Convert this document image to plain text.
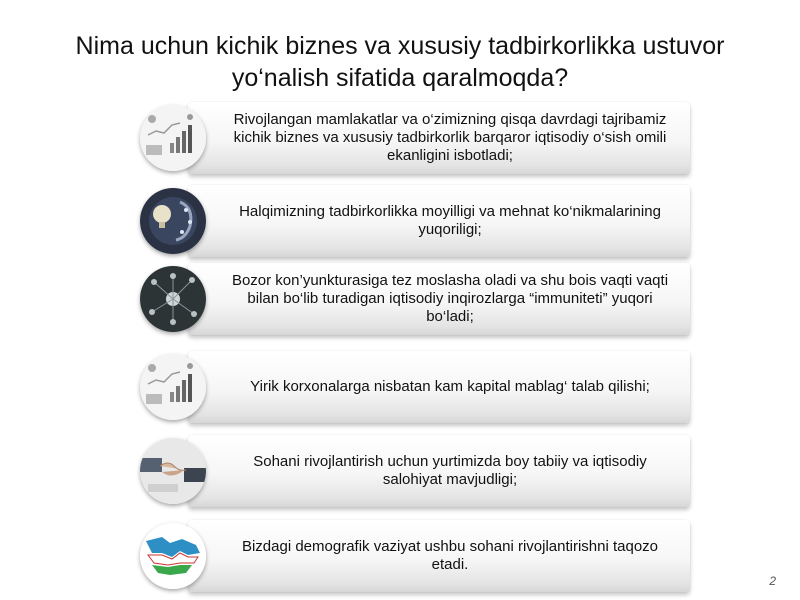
Nima uchun kichik biznes va xususiy tadbirkorlikka ustuvor yo‘nalish sifatida qaralmoqda?
Rivojlangan mamlakatlar va o‘zimizning qisqa davrdagi tajribamiz kichik biznes va xususiy tadbirkorlik barqaror iqtisodiy o‘sish omili ekanligini isbotladi;
Halqimizning tadbirkorlikka moyilligi va mehnat ko‘nikmalarining yuqoriligi;
Bozor kon’yunkturasiga tez moslasha oladi va shu bois vaqti vaqti bilan bo‘lib turadigan iqtisodiy inqirozlarga “immuniteti” yuqori bo‘ladi;
Yirik korxonalarga nisbatan kam kapital mablag‘ talab qilishi;
Sohani rivojlantirish uchun yurtimizda boy tabiiy va iqtisodiy salohiyat mavjudligi;
Bizdagi demografik vaziyat ushbu sohani rivojlantirishni taqozo etadi.
2
